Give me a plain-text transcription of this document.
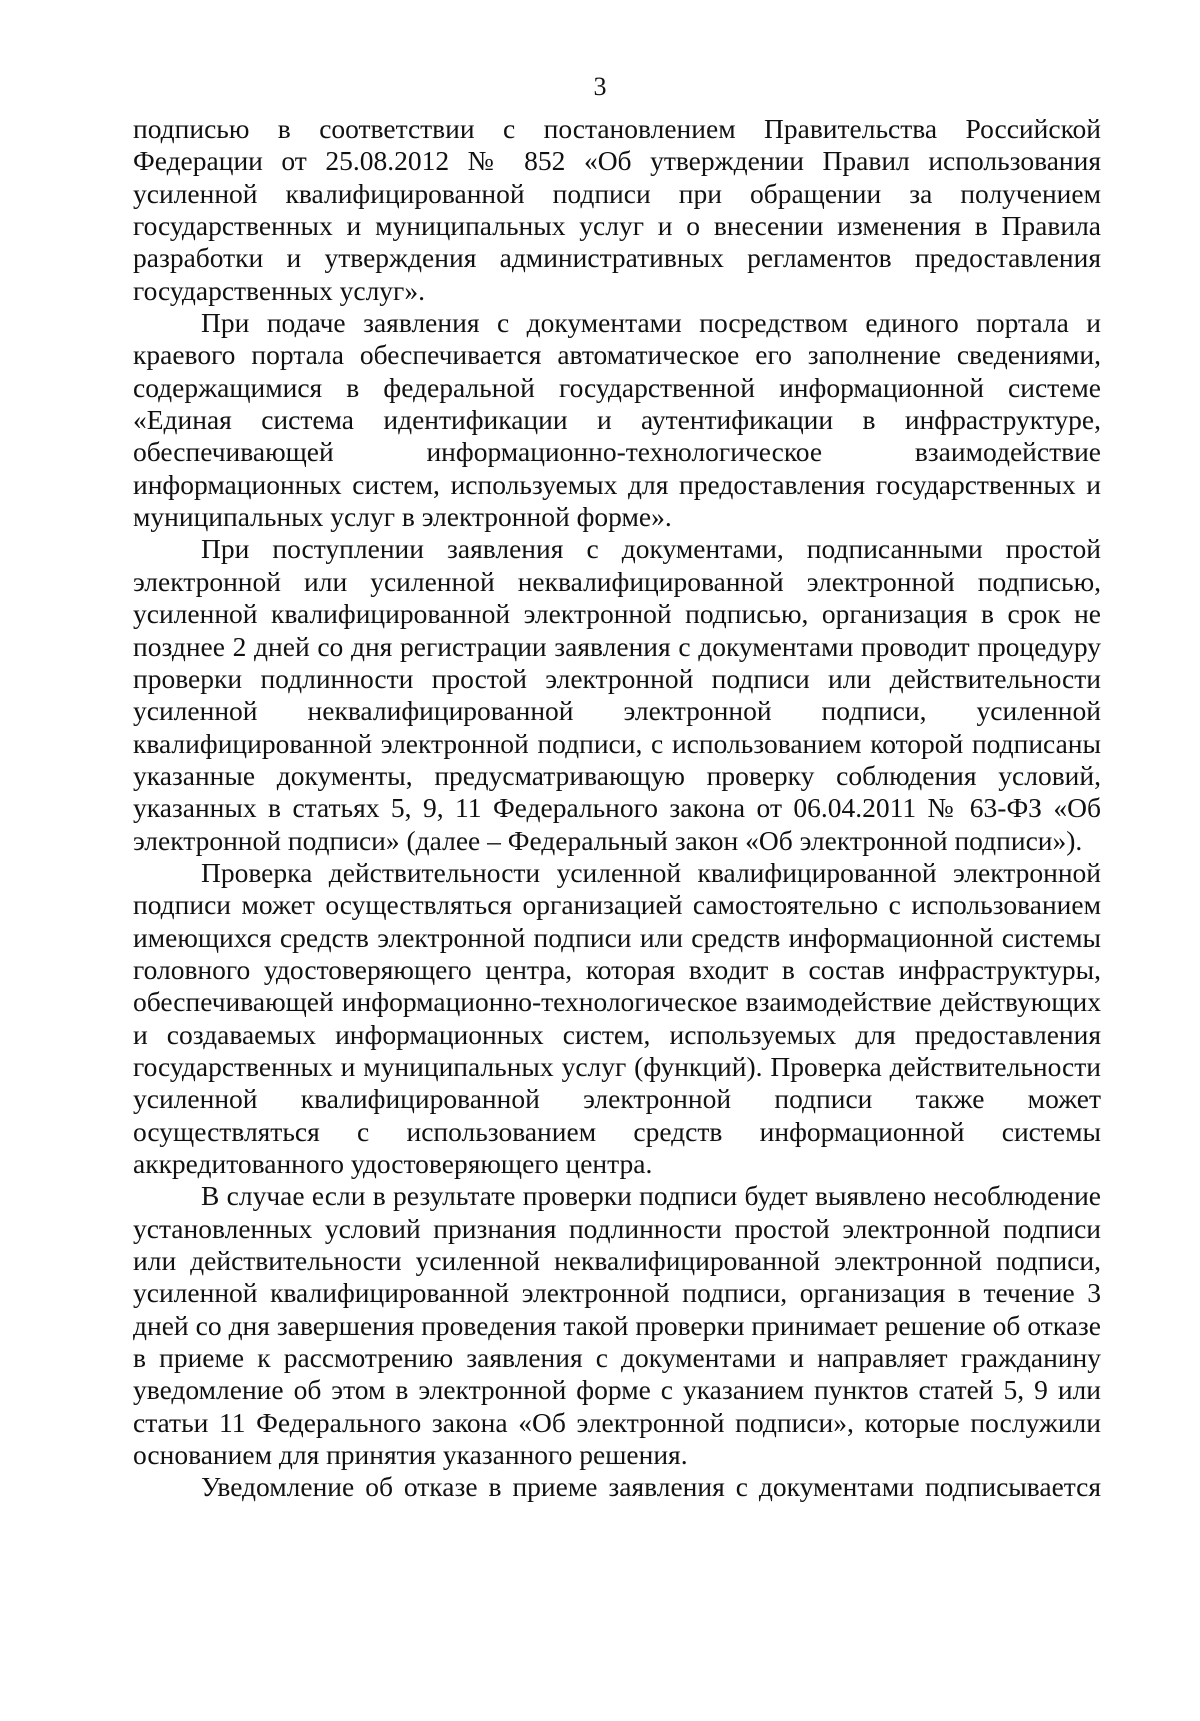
3

подписью в соответствии с постановлением Правительства Российской Федерации от 25.08.2012 № 852 «Об утверждении Правил использования усиленной квалифицированной подписи при обращении за получением государственных и муниципальных услуг и о внесении изменения в Правила разработки и утверждения административных регламентов предоставления государственных услуг».

При подаче заявления с документами посредством единого портала и краевого портала обеспечивается автоматическое его заполнение сведениями, содержащимися в федеральной государственной информационной системе «Единая система идентификации и аутентификации в инфраструктуре, обеспечивающей информационно-технологическое взаимодействие информационных систем, используемых для предоставления государственных и муниципальных услуг в электронной форме».

При поступлении заявления с документами, подписанными простой электронной или усиленной неквалифицированной электронной подписью, усиленной квалифицированной электронной подписью, организация в срок не позднее 2 дней со дня регистрации заявления с документами проводит процедуру проверки подлинности простой электронной подписи или действительности усиленной неквалифицированной электронной подписи, усиленной квалифицированной электронной подписи, с использованием которой подписаны указанные документы, предусматривающую проверку соблюдения условий, указанных в статьях 5, 9, 11 Федерального закона от 06.04.2011 № 63-ФЗ «Об электронной подписи» (далее – Федеральный закон «Об электронной подписи»).

Проверка действительности усиленной квалифицированной электронной подписи может осуществляться организацией самостоятельно с использованием имеющихся средств электронной подписи или средств информационной системы головного удостоверяющего центра, которая входит в состав инфраструктуры, обеспечивающей информационно-технологическое взаимодействие действующих и создаваемых информационных систем, используемых для предоставления государственных и муниципальных услуг (функций). Проверка действительности усиленной квалифицированной электронной подписи также может осуществляться с использованием средств информационной системы аккредитованного удостоверяющего центра.

В случае если в результате проверки подписи будет выявлено несоблюдение установленных условий признания подлинности простой электронной подписи или действительности усиленной неквалифицированной электронной подписи, усиленной квалифицированной электронной подписи, организация в течение 3 дней со дня завершения проведения такой проверки принимает решение об отказе в приеме к рассмотрению заявления с документами и направляет гражданину уведомление об этом в электронной форме с указанием пунктов статей 5, 9 или статьи 11 Федерального закона «Об электронной подписи», которые послужили основанием для принятия указанного решения.

Уведомление об отказе в приеме заявления с документами подписывается
